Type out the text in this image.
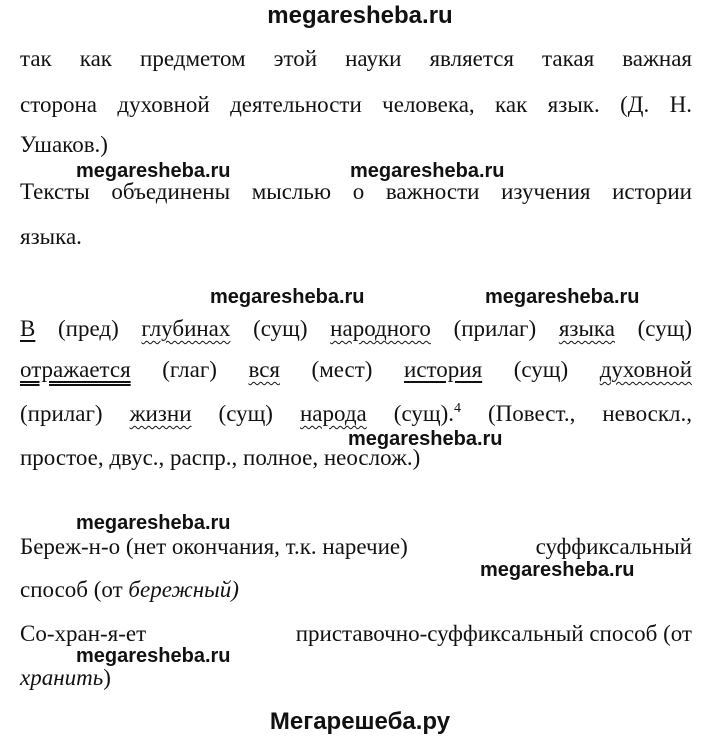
megaresheba.ru
megaresheba.ru	megaresheba.ru
megaresheba.ru	megaresheba.ru
megaresheba.ru
megaresheba.ru
megaresheba.ru
megaresheba.ru
так как предметом этой науки является такая важная
сторона духовной деятельности человека, как язык. (Д. Н.
Ушаков.)
Тексты объединены мыслью о важности изучения истории
языка.
В (пред) глубинах (сущ) народного (прилаг) языка (сущ)
отражается (глаг) вся (мест) история (сущ) духовной
(прилаг) жизни (сущ) народа (сущ).$^4$ (Повест., невоскл.,
простое, двус., распр., полное, неослож.)
Береж-н-о (нет окончания, т.к. наречие)	суффиксальный
способ (от бережный)
Со-хран-я-ет	приставочно-суффиксальный способ (от
хранить)
Мегарешеба.ру
